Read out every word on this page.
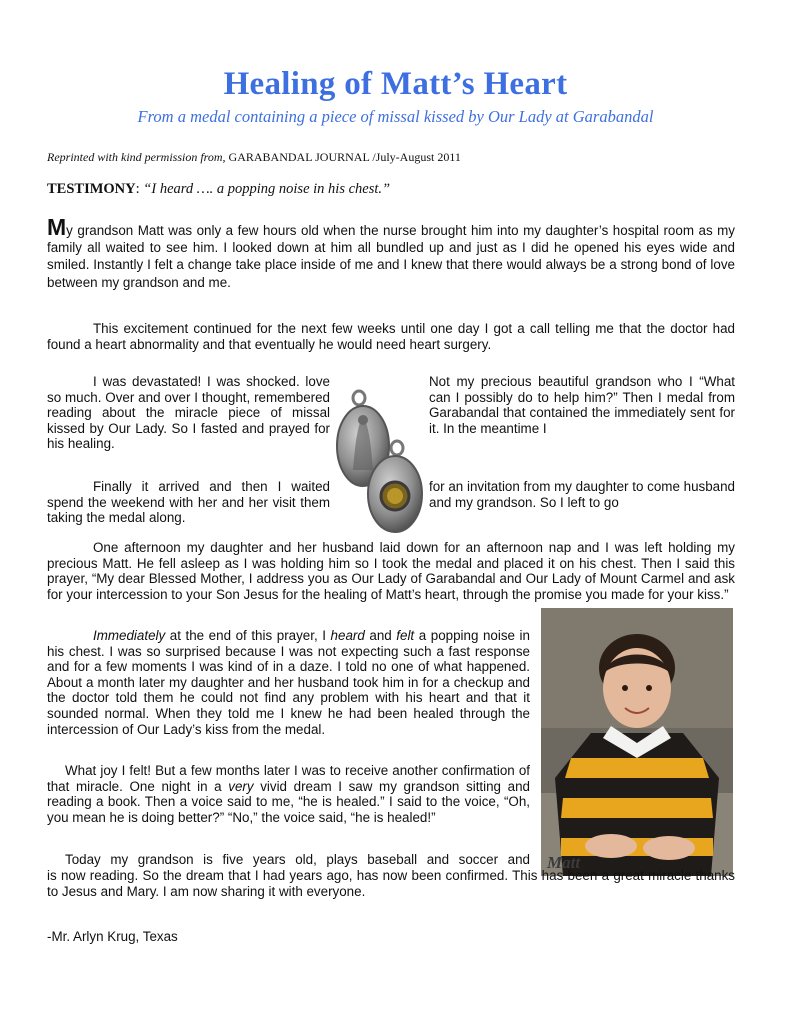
Healing of Matt’s Heart
From a medal containing a piece of missal kissed by Our Lady at Garabandal
Reprinted with kind permission from, GARABANDAL JOURNAL /July-August 2011
TESTIMONY: “I heard …. a popping noise in his chest.”

My grandson Matt was only a few hours old when the nurse brought him into my daughter’s hospital room as my family all waited to see him. I looked down at him all bundled up and just as I did he opened his eyes wide and smiled. Instantly I felt a change take place inside of me and I knew that there would always be a strong bond of love between my grandson and me.

This excitement continued for the next few weeks until one day I got a call telling me that the doctor had found a heart abnormality and that eventually he would need heart surgery.

I was devastated! I was shocked. love so much. Over and over I thought, remembered reading about the miracle piece of missal kissed by Our Lady. So I fasted and prayed for his healing.

Not my precious beautiful grandson who I “What can I possibly do to help him?” Then I medal from Garabandal that contained the immediately sent for it. In the meantime I

Finally it arrived and then I waited spend the weekend with her and her visit them taking the medal along.

for an invitation from my daughter to come husband and my grandson. So I left to go

One afternoon my daughter and her husband laid down for an afternoon nap and I was left holding my precious Matt. He fell asleep as I was holding him so I took the medal and placed it on his chest. Then I said this prayer, “My dear Blessed Mother, I address you as Our Lady of Garabandal and Our Lady of Mount Carmel and ask for your intercession to your Son Jesus for the healing of Matt’s heart, through the promise you made for your kiss.”

Immediately at the end of this prayer, I heard and felt a popping noise in his chest. I was so surprised because I was not expecting such a fast response and for a few moments I was kind of in a daze. I told no one of what happened. About a month later my daughter and her husband took him in for a checkup and the doctor told them he could not find any problem with his heart and that it sounded normal. When they told me I knew he had been healed through the intercession of Our Lady’s kiss from the medal.

Matt

What joy I felt! But a few months later I was to receive another confirmation of that miracle. One night in a very vivid dream I saw my grandson sitting and reading a book. Then a voice said to me, “he is healed.” I said to the voice, “Oh, you mean he is doing better?” “No,” the voice said, “he is healed!”

Today my grandson is five years old, plays baseball and soccer and

is now reading. So the dream that I had years ago, has now been confirmed. This has been a great miracle thanks to Jesus and Mary. I am now sharing it with everyone.

-Mr. Arlyn Krug, Texas
